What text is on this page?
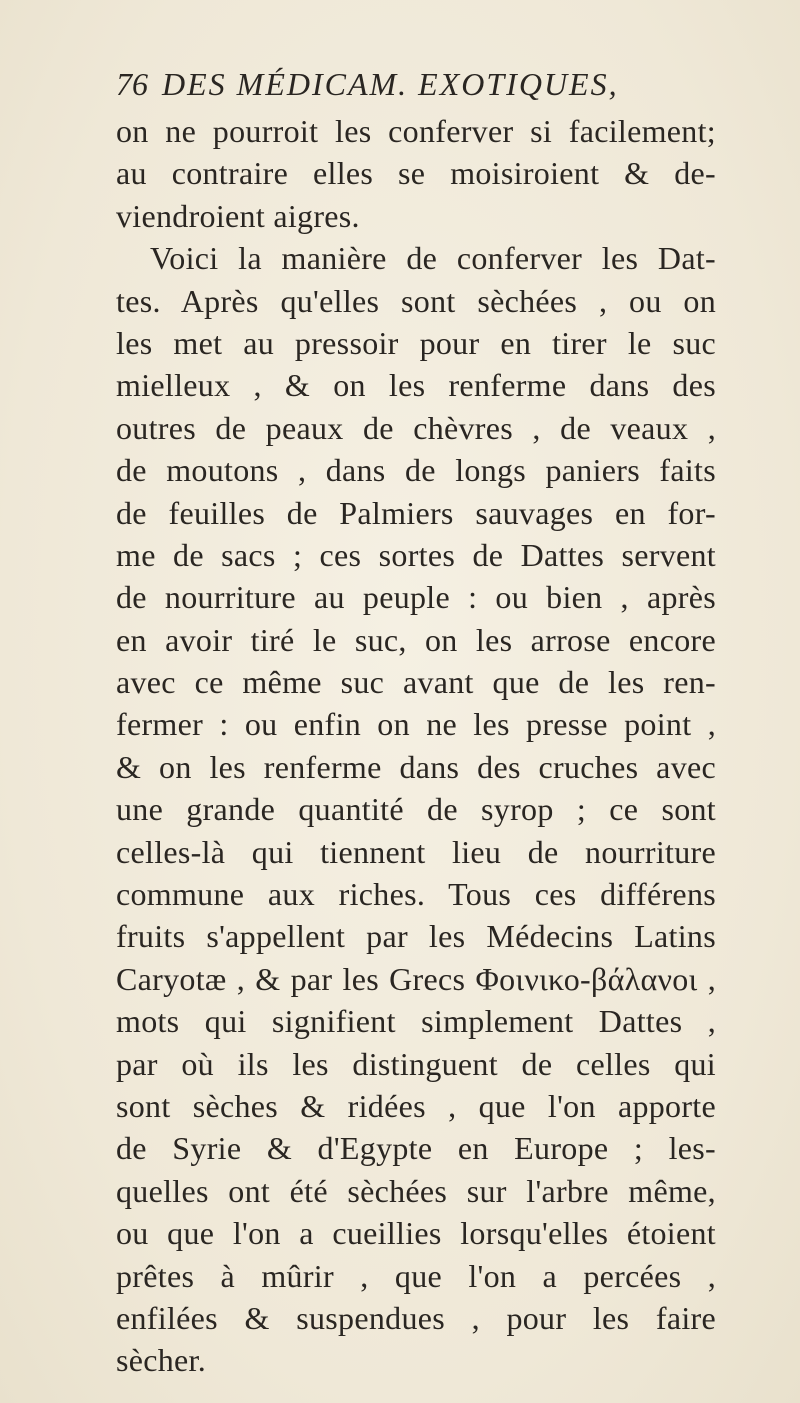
76 DES MÉDICAM. EXOTIQUES,
on ne pourroit les conferver si facilement;
au contraire elles se moisiroient & de-
viendroient aigres.
Voici la manière de conferver les Dat-
tes. Après qu'elles sont sèchées , ou on
les met au pressoir pour en tirer le suc
mielleux , & on les renferme dans des
outres de peaux de chèvres , de veaux ,
de moutons , dans de longs paniers faits
de feuilles de Palmiers sauvages en for-
me de sacs ; ces sortes de Dattes servent
de nourriture au peuple : ou bien , après
en avoir tiré le suc, on les arrose encore
avec ce même suc avant que de les ren-
fermer : ou enfin on ne les presse point ,
& on les renferme dans des cruches avec
une grande quantité de syrop ; ce sont
celles-là qui tiennent lieu de nourriture
commune aux riches. Tous ces différens
fruits s'appellent par les Médecins Latins
Caryotæ , & par les Grecs Φοινικο-βάλανοι ,
mots qui signifient simplement Dattes ,
par où ils les distinguent de celles qui
sont sèches & ridées , que l'on apporte
de Syrie & d'Egypte en Europe ; les-
quelles ont été sèchées sur l'arbre même,
ou que l'on a cueillies lorsqu'elles étoient
prêtes à mûrir , que l'on a percées ,
enfilées & suspendues , pour les faire
sècher.
